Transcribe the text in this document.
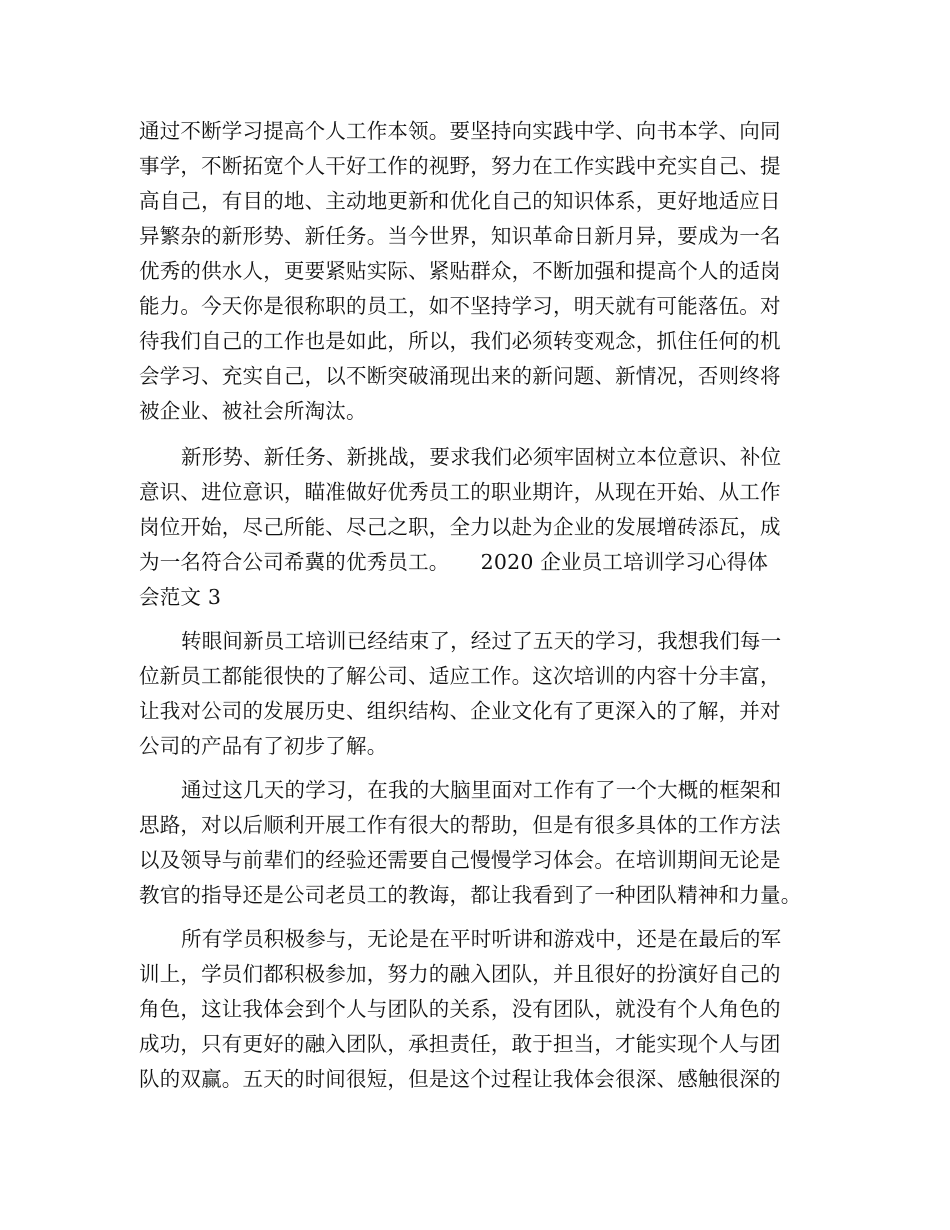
通过不断学习提高个人工作本领。要坚持向实践中学、向书本学、向同
事学，不断拓宽个人干好工作的视野，努力在工作实践中充实自己、提
高自己，有目的地、主动地更新和优化自己的知识体系，更好地适应日
异繁杂的新形势、新任务。当今世界，知识革命日新月异，要成为一名
优秀的供水人，更要紧贴实际、紧贴群众，不断加强和提高个人的适岗
能力。今天你是很称职的员工，如不坚持学习，明天就有可能落伍。对
待我们自己的工作也是如此，所以，我们必须转变观念，抓住任何的机
会学习、充实自己，以不断突破涌现出来的新问题、新情况，否则终将
被企业、被社会所淘汰。
新形势、新任务、新挑战，要求我们必须牢固树立本位意识、补位
意识、进位意识，瞄准做好优秀员工的职业期许，从现在开始、从工作
岗位开始，尽己所能、尽己之职，全力以赴为企业的发展增砖添瓦，成
为一名符合公司希冀的优秀员工。　　2020 企业员工培训学习心得体
会范文 3
转眼间新员工培训已经结束了，经过了五天的学习，我想我们每一
位新员工都能很快的了解公司、适应工作。这次培训的内容十分丰富，
让我对公司的发展历史、组织结构、企业文化有了更深入的了解，并对
公司的产品有了初步了解。
通过这几天的学习，在我的大脑里面对工作有了一个大概的框架和
思路，对以后顺利开展工作有很大的帮助，但是有很多具体的工作方法
以及领导与前辈们的经验还需要自己慢慢学习体会。在培训期间无论是
教官的指导还是公司老员工的教诲，都让我看到了一种团队精神和力量。
所有学员积极参与，无论是在平时听讲和游戏中，还是在最后的军
训上，学员们都积极参加，努力的融入团队，并且很好的扮演好自己的
角色，这让我体会到个人与团队的关系，没有团队，就没有个人角色的
成功，只有更好的融入团队，承担责任，敢于担当，才能实现个人与团
队的双赢。五天的时间很短，但是这个过程让我体会很深、感触很深的
